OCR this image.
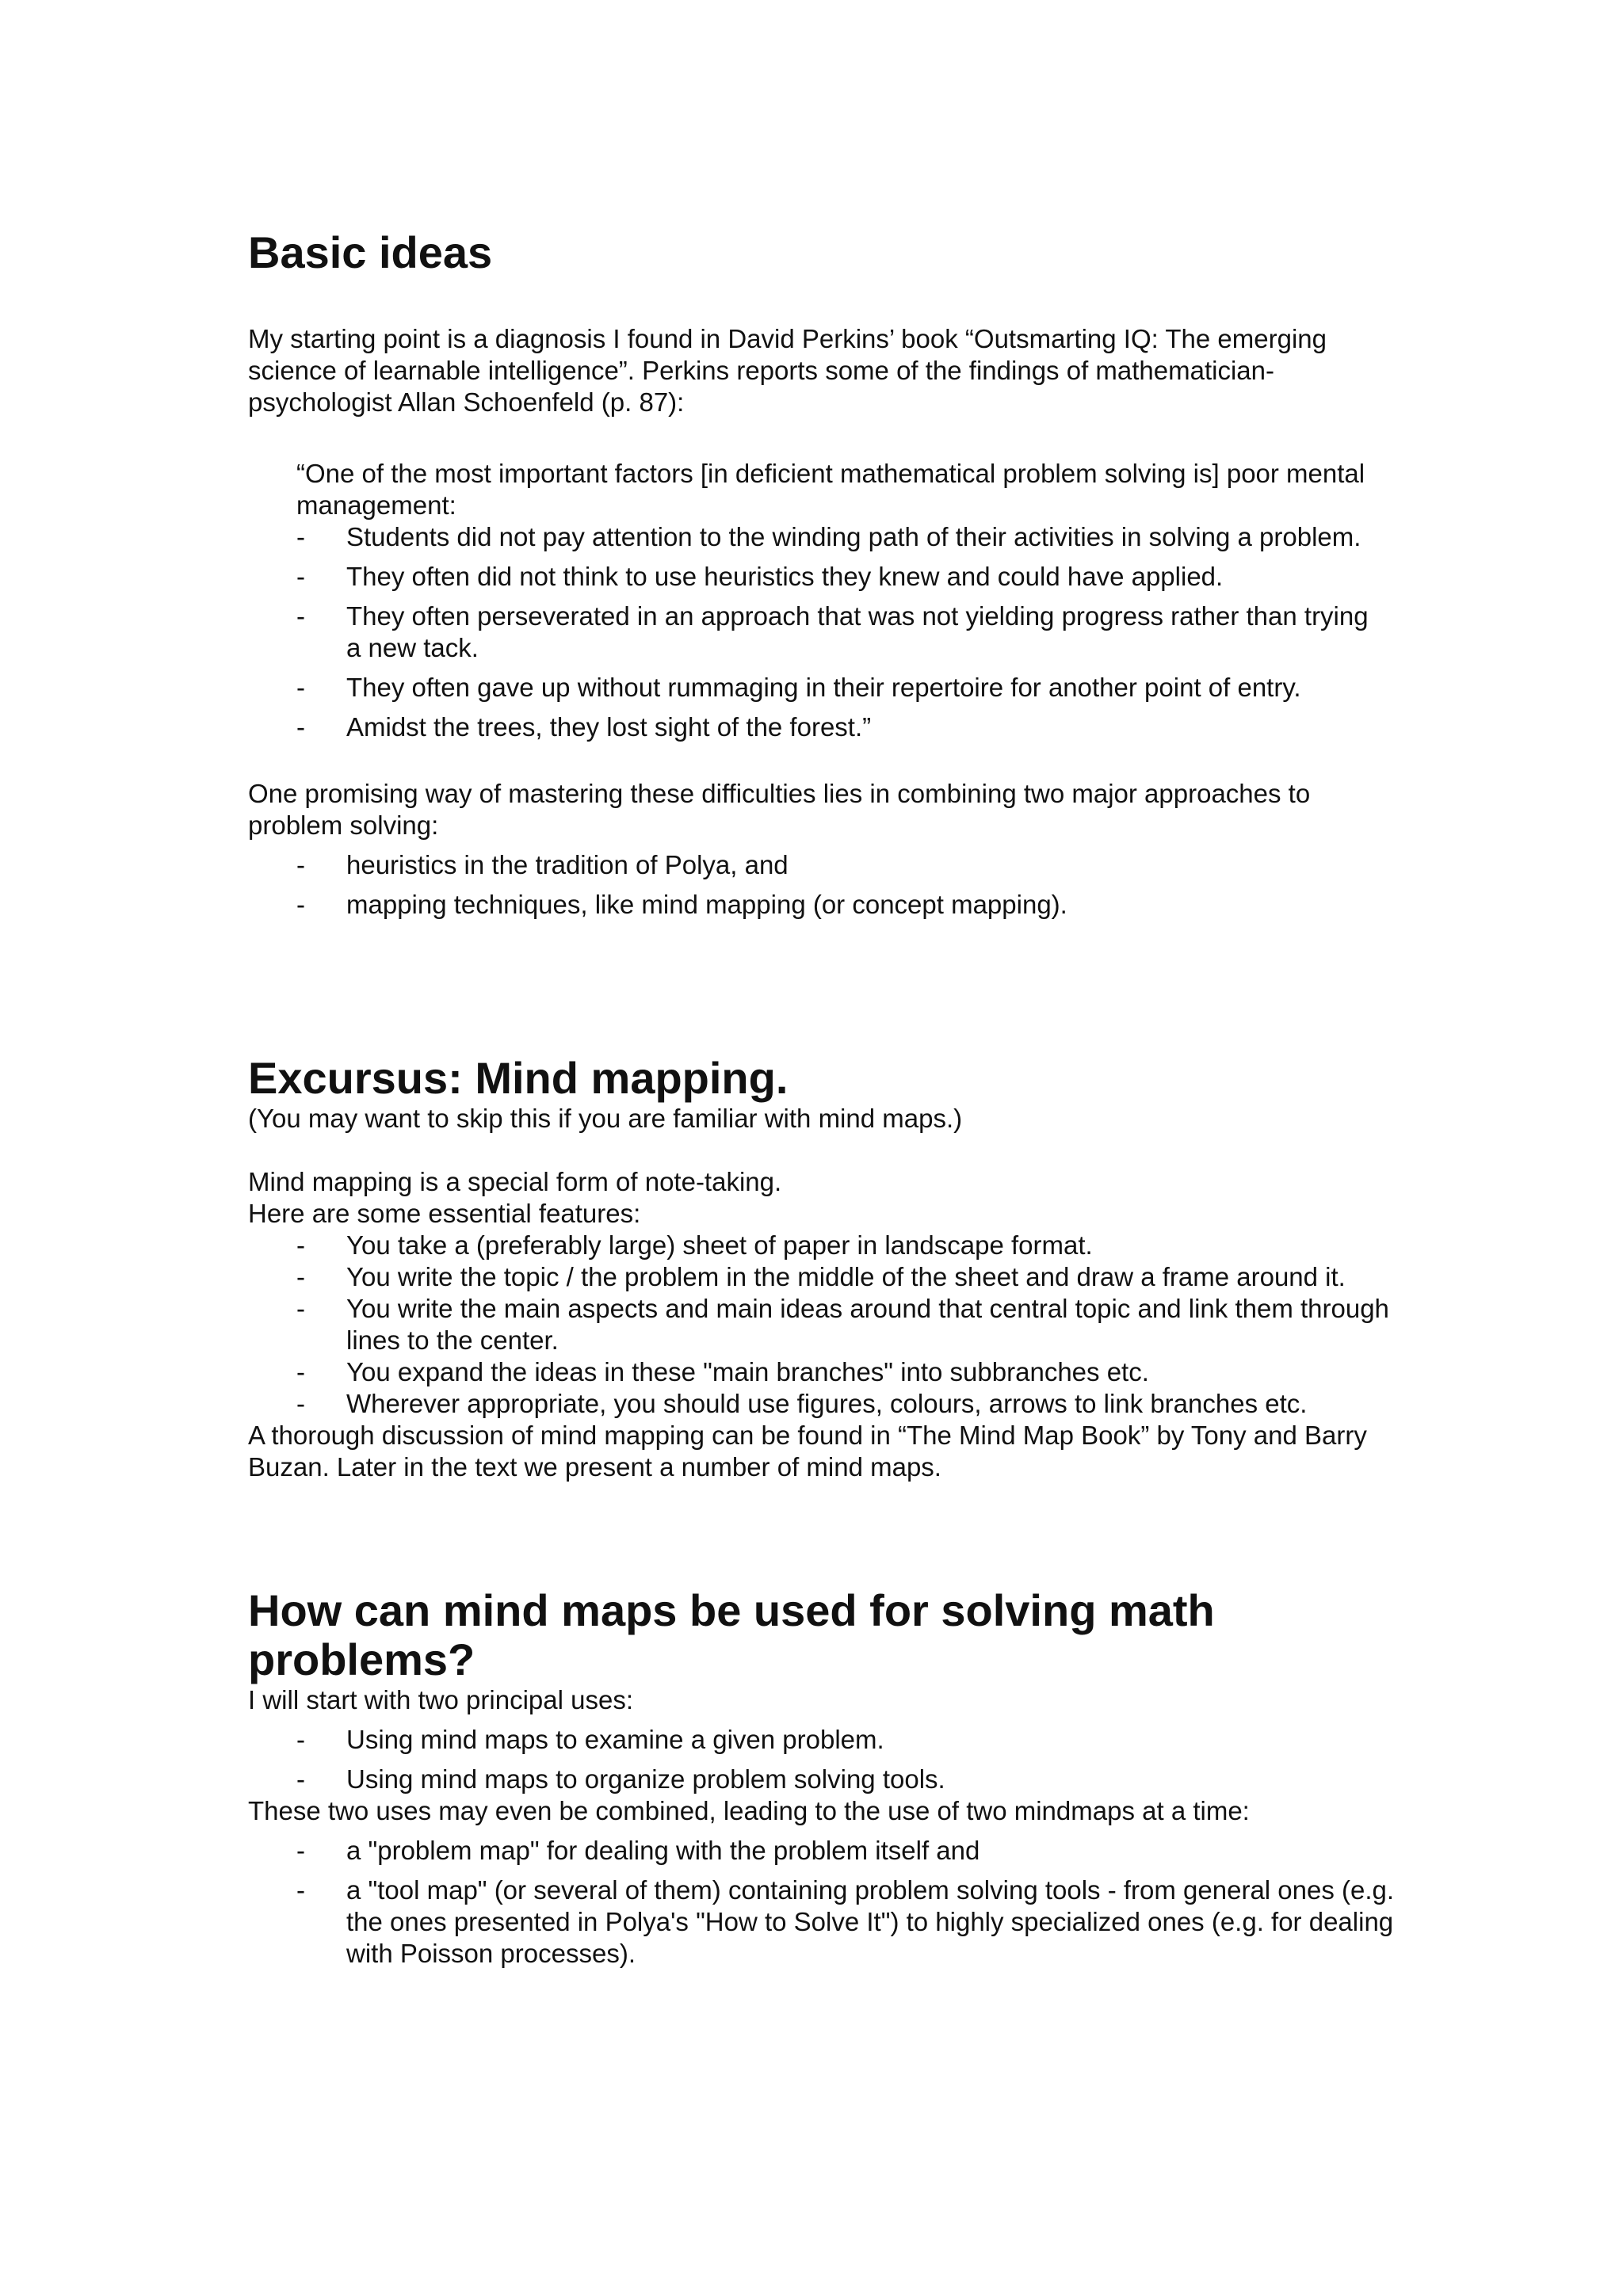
Basic ideas

My starting point is a diagnosis I found in David Perkins’ book “Outsmarting IQ: The emerging science of learnable intelligence”. Perkins reports some of the findings of mathematician-psychologist Allan Schoenfeld (p. 87):

“One of the most important factors [in deficient mathematical problem solving is] poor mental management:

- Students did not pay attention to the winding path of their activities in solving a problem.
- They often did not think to use heuristics they knew and could have applied.
- They often perseverated in an approach that was not yielding progress rather than trying a new tack.
- They often gave up without rummaging in their repertoire for another point of entry.
- Amidst the trees, they lost sight of the forest.”

One promising way of mastering these difficulties lies in combining two major approaches to problem solving:

- heuristics in the tradition of Polya, and
- mapping techniques, like mind mapping (or concept mapping).
Excursus: Mind mapping.

(You may want to skip this if you are familiar with mind maps.)

Mind mapping is a special form of note-taking.

Here are some essential features:

- You take a (preferably large) sheet of paper in landscape format.
- You write the topic / the problem in the middle of the sheet and draw a frame around it.
- You write the main aspects and main ideas around that central topic and link them through lines to the center.
- You expand the ideas in these "main branches" into subbranches etc.
- Wherever appropriate, you should use figures, colours, arrows to link branches etc.

A thorough discussion of mind mapping can be found in “The Mind Map Book” by Tony and Barry Buzan. Later in the text we present a number of mind maps.

How can mind maps be used for solving math problems?

I will start with two principal uses:

- Using mind maps to examine a given problem.
- Using mind maps to organize problem solving tools.

These two uses may even be combined, leading to the use of two mindmaps at a time:

- a "problem map" for dealing with the problem itself and
- a "tool map" (or several of them) containing problem solving tools - from general ones (e.g. the ones presented in Polya's "How to Solve It") to highly specialized ones (e.g. for dealing with Poisson processes).
